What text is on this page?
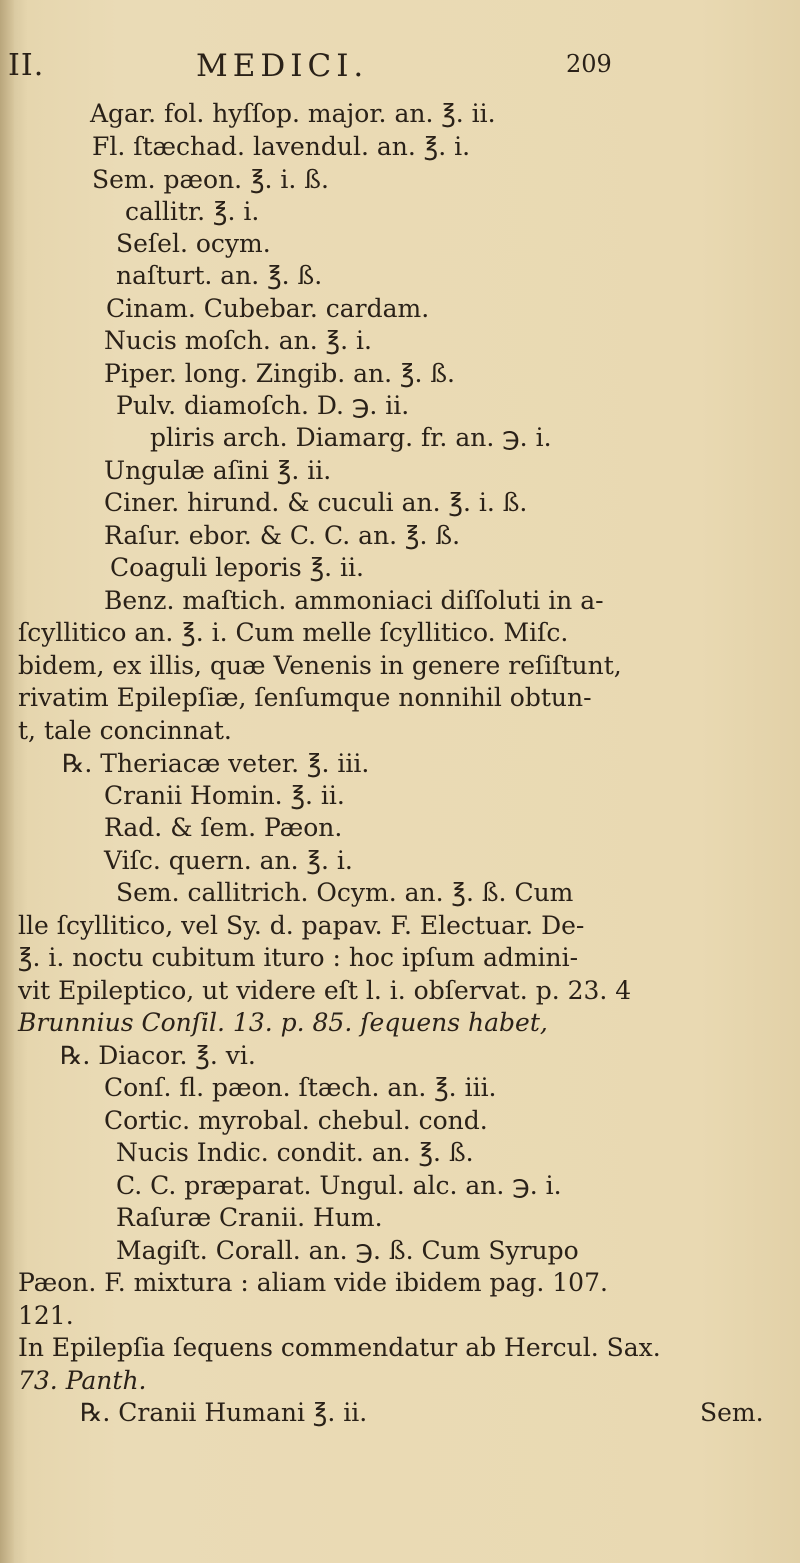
II.	MEDICI.	209
Agar. fol. hyſſop. major. an. ℥. ii.
Fl. ſtæchad. lavendul. an. ℥. i.
Sem. pæon. ℥. i. ß.
callitr. ℥. i.
Seſel. ocym.
naſturt. an. ℥. ß.
Cinam. Cubebar. cardam.
Nucis moſch. an. ℥. i.
Piper. long. Zingib. an. ℥. ß.
Pulv. diamoſch. D. ℈. ii.
pliris arch. Diamarg. fr. an. ℈. i.
Ungulæ aſini ℥. ii.
Ciner. hirund. & cuculi an. ℥. i. ß.
Raſur. ebor. & C. C. an. ℥. ß.
Coaguli leporis ℥. ii.
Benz. maſtich. ammoniaci diſſoluti in a-
ſcyllitico an. ℥. i. Cum melle ſcyllitico. Miſc.
bidem, ex illis, quæ Venenis in genere reſiſtunt,
rivatim Epilepſiæ, ſenſumque nonnihil obtun-
t, tale concinnat.
℞. Theriacæ veter. ℥. iii.
Cranii Homin. ℥. ii.
Rad. & ſem. Pæon.
Viſc. quern. an. ℥. i.
Sem. callitrich. Ocym. an. ℥. ß. Cum
lle ſcyllitico, vel Sy. d. papav. F. Electuar. De-
℥. i. noctu cubitum ituro : hoc ipſum admini-
vit Epileptico, ut videre eſt l. i. obſervat. p. 23. 4
Brunnius Conſil. 13. p. 85. ſequens habet,
℞. Diacor. ℥. vi.
Conſ. fl. pæon. ſtæch. an. ℥. iii.
Cortic. myrobal. chebul. cond.
Nucis Indic. condit. an. ℥. ß.
C. C. præparat. Ungul. alc. an. ℈. i.
Raſuræ Cranii. Hum.
Magiſt. Corall. an. ℈. ß. Cum Syrupo
Pæon. F. mixtura : aliam vide ibidem pag. 107.
121.
In Epilepſia ſequens commendatur ab Hercul. Sax.
73. Panth.
℞. Cranii Humani ℥. ii.	Sem.
